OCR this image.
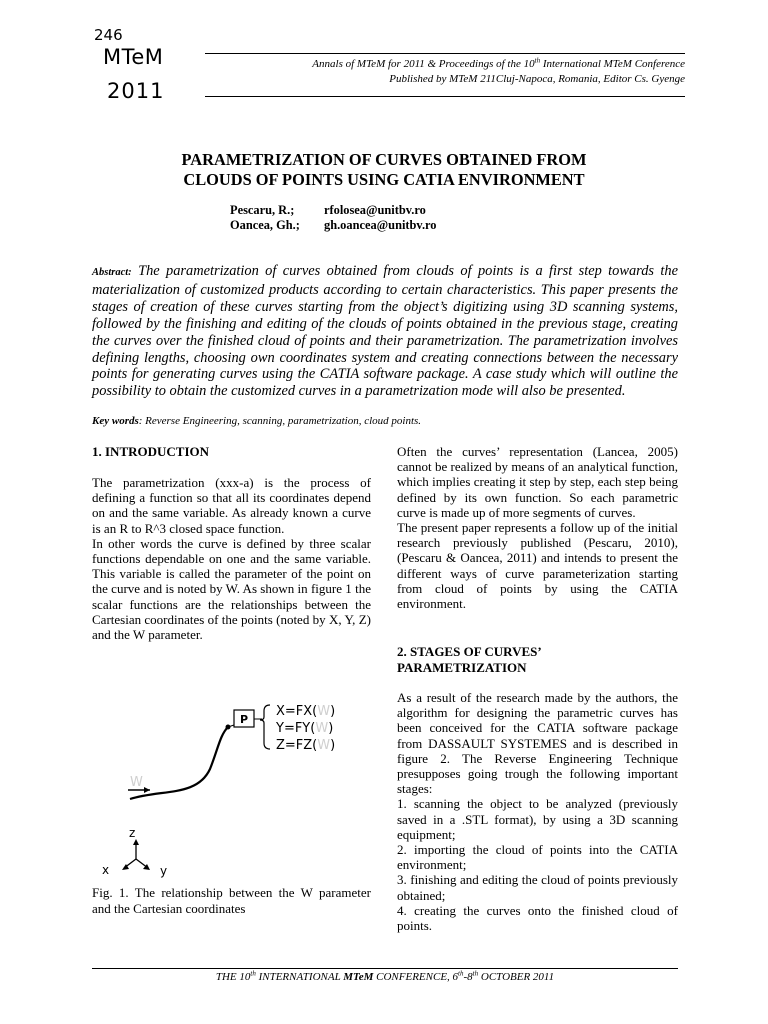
246
MTeM
2011
Annals of MTeM for 2011 & Proceedings of the 10th International MTeM Conference
Published by MTeM 211Cluj-Napoca, Romania, Editor Cs. Gyenge
PARAMETRIZATION OF CURVES OBTAINED FROM
CLOUDS OF POINTS USING CATIA ENVIRONMENT
Pescaru, R.;	rfolosea@unitbv.ro
Oancea, Gh.;	gh.oancea@unitbv.ro
Abstract: The parametrization of curves obtained from clouds of points is a first step towards the materialization of customized products according to certain characteristics. This paper presents the stages of creation of these curves starting from the object’s digitizing using 3D scanning systems, followed by the finishing and editing of the clouds of points obtained in the previous stage, creating the curves over the finished cloud of points and their parametrization. The parametrization involves defining lengths, choosing own coordinates system and creating connections between the necessary points for generating curves using the CATIA software package. A case study which will outline the possibility to obtain the customized curves in a parametrization mode will also be presented.
Key words: Reverse Engineering, scanning, parametrization, cloud points.
1. INTRODUCTION

The parametrization (xxx-a) is the process of defining a function so that all its coordinates depend on and the same variable. As already known a curve is an R to R^3 closed space function.

In other words the curve is defined by three scalar functions dependable on one and the same variable. This variable is called the parameter of the point on the curve and is noted by W. As shown in figure 1 the scalar functions are the relationships between the Cartesian coordinates of the points (noted by X, Y, Z) and the W parameter.

P
X=FX(W)
Y=FY(W)
Z=FZ(W)
W
z
x	y
Fig. 1. The relationship between the W parameter and the Cartesian coordinates

Often the curves’ representation (Lancea, 2005) cannot be realized by means of an analytical function, which implies creating it step by step, each step being defined by its own function. So each parametric curve is made up of more segments of curves.

The present paper represents a follow up of the initial research previously published (Pescaru, 2010), (Pescaru & Oancea, 2011) and intends to present the different ways of curve parameterization starting from cloud of points by using the CATIA environment.

2. STAGES OF CURVES’
PARAMETRIZATION

As a result of the research made by the authors, the algorithm for designing the parametric curves has been conceived for the CATIA software package from DASSAULT SYSTEMES and is described in figure 2. The Reverse Engineering Technique presupposes going trough the following important stages:

1. scanning the object to be analyzed (previously saved in a .STL format), by using a 3D scanning equipment;

2. importing the cloud of points into the CATIA environment;

3. finishing and editing the cloud of points previously obtained;

4. creating the curves onto the finished cloud of points.

THE 10th INTERNATIONAL MTeM CONFERENCE, 6th-8th OCTOBER 2011
